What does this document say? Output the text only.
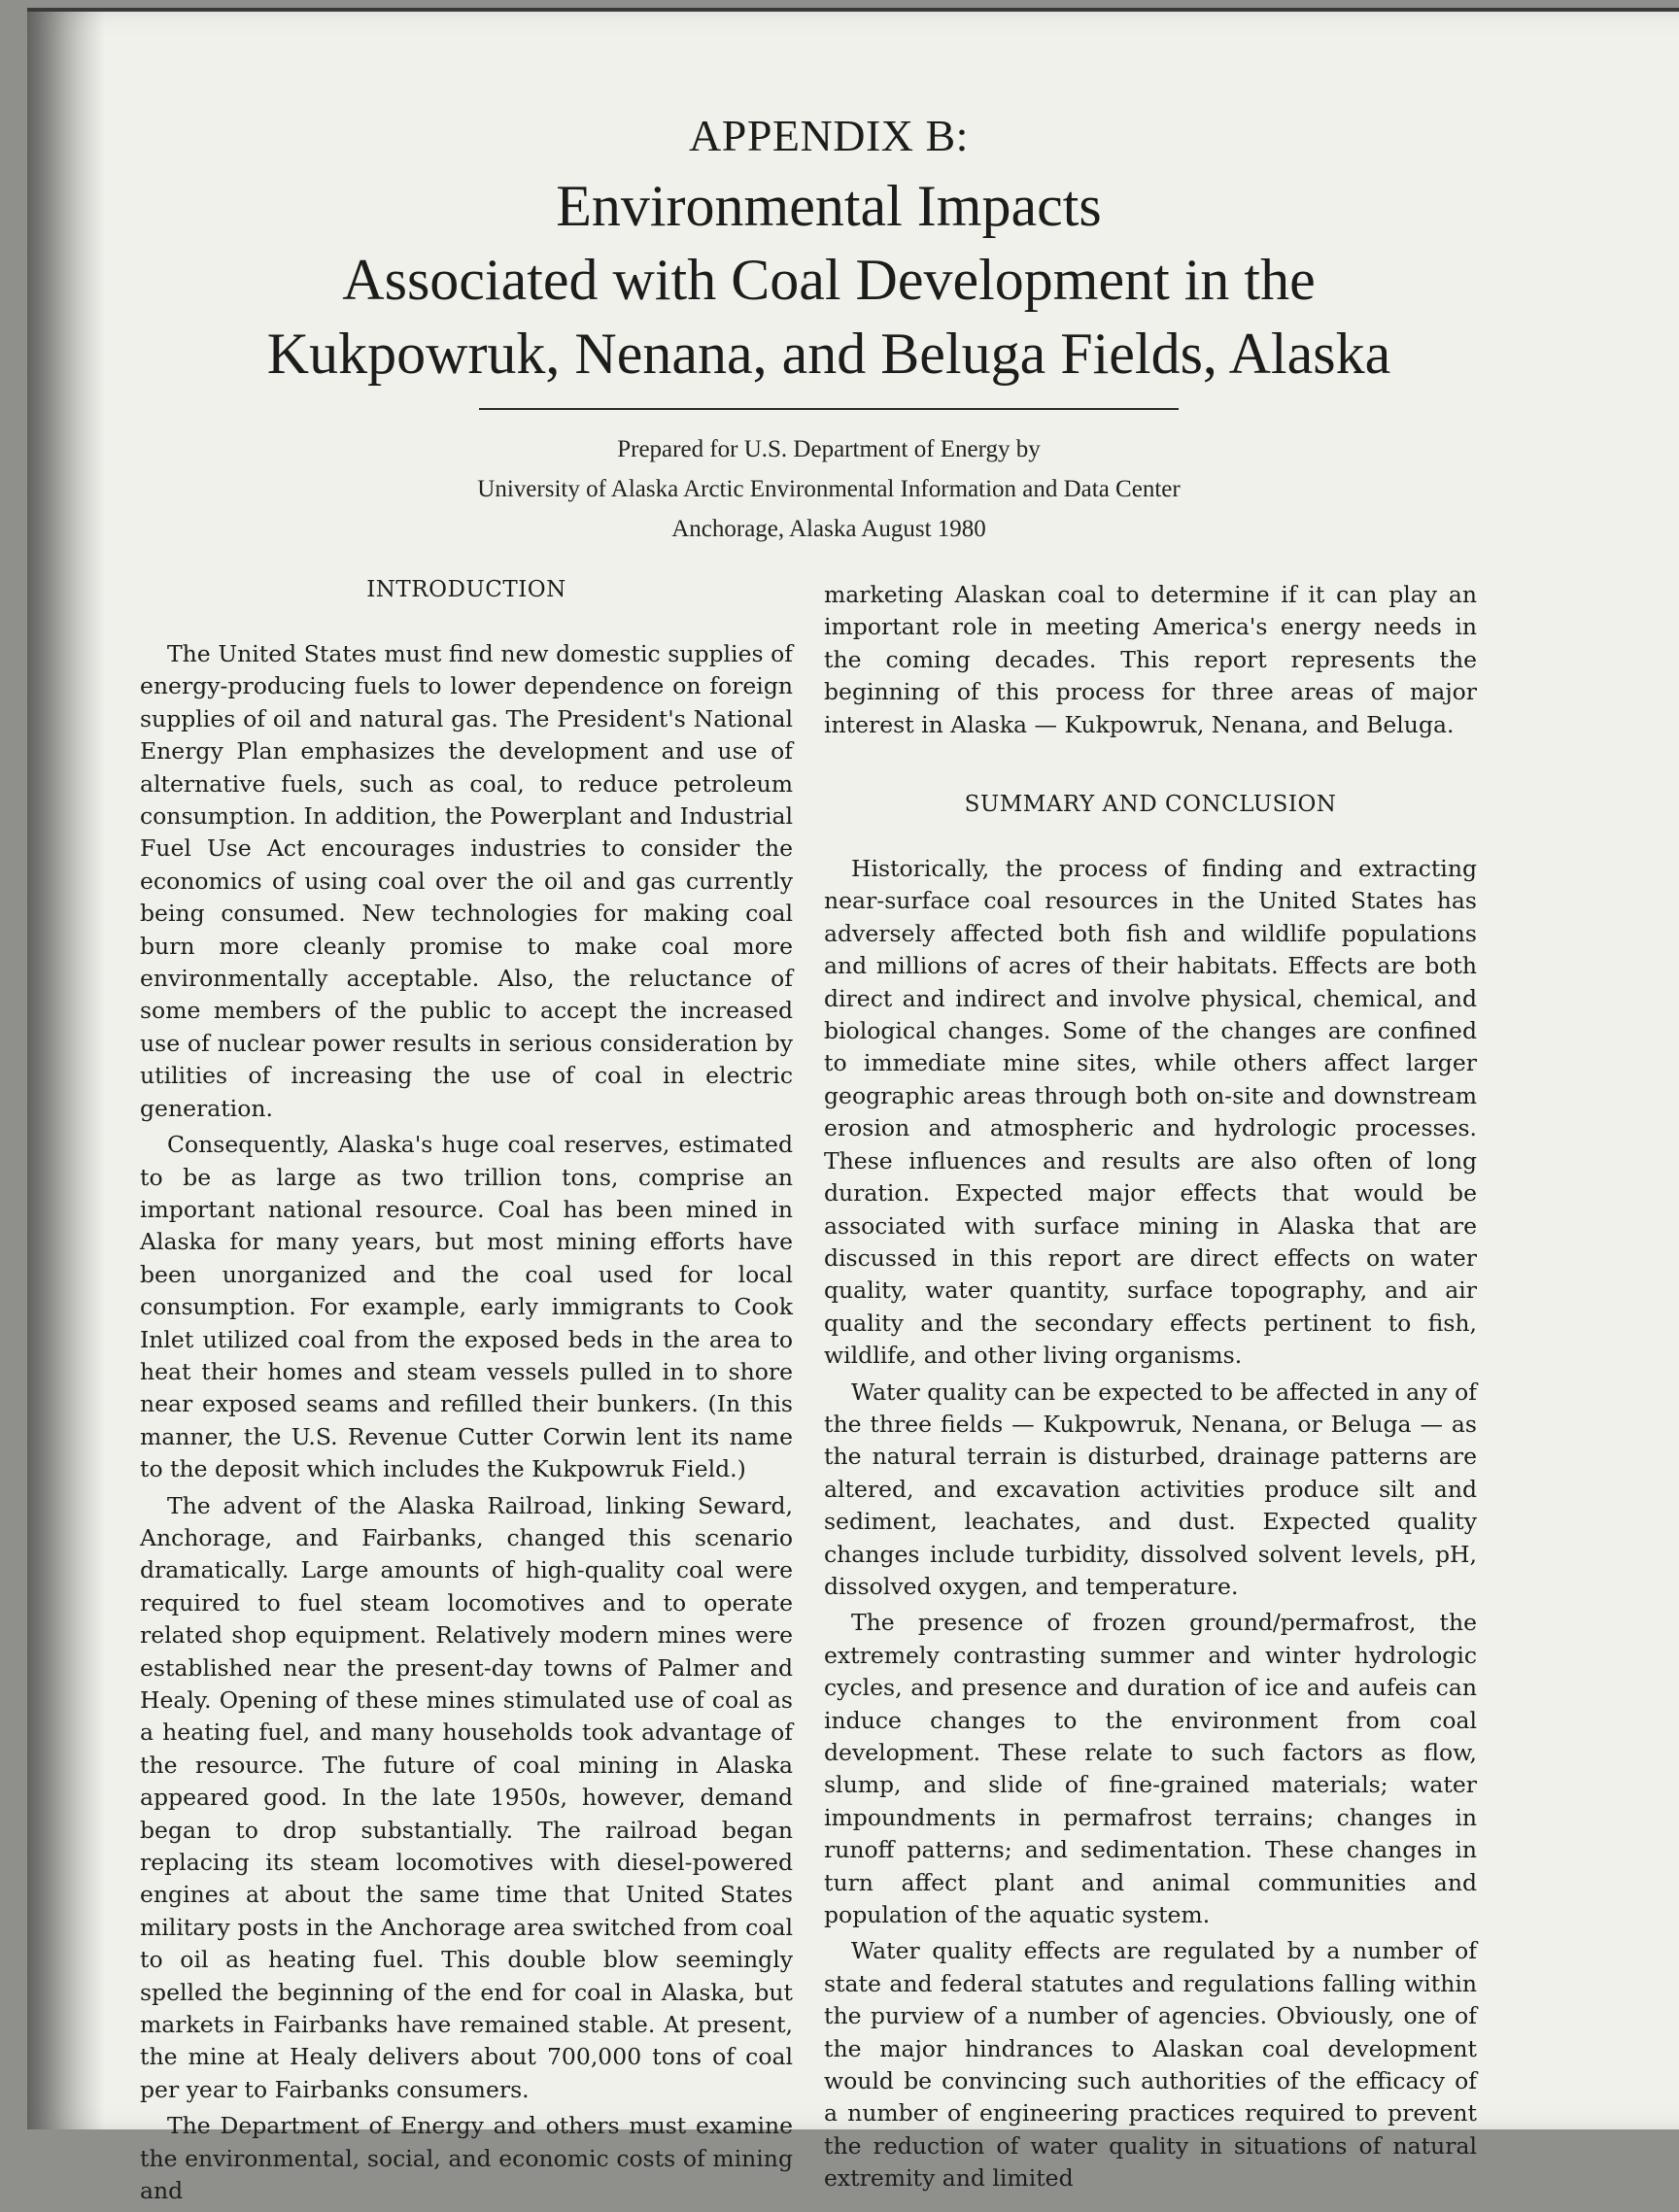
APPENDIX B:
Environmental Impacts
Associated with Coal Development in the
Kukpowruk, Nenana, and Beluga Fields, Alaska
Prepared for U.S. Department of Energy by
University of Alaska Arctic Environmental Information and Data Center
Anchorage, Alaska August 1980
INTRODUCTION

The United States must find new domestic supplies of energy-producing fuels to lower dependence on foreign supplies of oil and natural gas. The President's National Energy Plan emphasizes the development and use of alternative fuels, such as coal, to reduce petroleum consumption. In addition, the Powerplant and Industrial Fuel Use Act encourages industries to consider the economics of using coal over the oil and gas currently being consumed. New technologies for making coal burn more cleanly promise to make coal more environmentally acceptable. Also, the reluctance of some members of the public to accept the increased use of nuclear power results in serious consideration by utilities of increasing the use of coal in electric generation.

Consequently, Alaska's huge coal reserves, estimated to be as large as two trillion tons, comprise an important national resource. Coal has been mined in Alaska for many years, but most mining efforts have been unorganized and the coal used for local consumption. For example, early immigrants to Cook Inlet utilized coal from the exposed beds in the area to heat their homes and steam vessels pulled in to shore near exposed seams and refilled their bunkers. (In this manner, the U.S. Revenue Cutter Corwin lent its name to the deposit which includes the Kukpowruk Field.)

The advent of the Alaska Railroad, linking Seward, Anchorage, and Fairbanks, changed this scenario dramatically. Large amounts of high-quality coal were required to fuel steam locomotives and to operate related shop equipment. Relatively modern mines were established near the present-day towns of Palmer and Healy. Opening of these mines stimulated use of coal as a heating fuel, and many households took advantage of the resource. The future of coal mining in Alaska appeared good. In the late 1950s, however, demand began to drop substantially. The railroad began replacing its steam locomotives with diesel-powered engines at about the same time that United States military posts in the Anchorage area switched from coal to oil as heating fuel. This double blow seemingly spelled the beginning of the end for coal in Alaska, but markets in Fairbanks have remained stable. At present, the mine at Healy delivers about 700,000 tons of coal per year to Fairbanks consumers.

The Department of Energy and others must examine the environmental, social, and economic costs of mining and

marketing Alaskan coal to determine if it can play an important role in meeting America's energy needs in the coming decades. This report represents the beginning of this process for three areas of major interest in Alaska — Kukpowruk, Nenana, and Beluga.

SUMMARY AND CONCLUSION

Historically, the process of finding and extracting near-surface coal resources in the United States has adversely affected both fish and wildlife populations and millions of acres of their habitats. Effects are both direct and indirect and involve physical, chemical, and biological changes. Some of the changes are confined to immediate mine sites, while others affect larger geographic areas through both on-site and downstream erosion and atmospheric and hydrologic processes. These influences and results are also often of long duration. Expected major effects that would be associated with surface mining in Alaska that are discussed in this report are direct effects on water quality, water quantity, surface topography, and air quality and the secondary effects pertinent to fish, wildlife, and other living organisms.

Water quality can be expected to be affected in any of the three fields — Kukpowruk, Nenana, or Beluga — as the natural terrain is disturbed, drainage patterns are altered, and excavation activities produce silt and sediment, leachates, and dust. Expected quality changes include turbidity, dissolved solvent levels, pH, dissolved oxygen, and temperature.

The presence of frozen ground/permafrost, the extremely contrasting summer and winter hydrologic cycles, and presence and duration of ice and aufeis can induce changes to the environment from coal development. These relate to such factors as flow, slump, and slide of fine-grained materials; water impoundments in permafrost terrains; changes in runoff patterns; and sedimentation. These changes in turn affect plant and animal communities and population of the aquatic system.

Water quality effects are regulated by a number of state and federal statutes and regulations falling within the purview of a number of agencies. Obviously, one of the major hindrances to Alaskan coal development would be convincing such authorities of the efficacy of a number of engineering practices required to prevent the reduction of water quality in situations of natural extremity and limited
